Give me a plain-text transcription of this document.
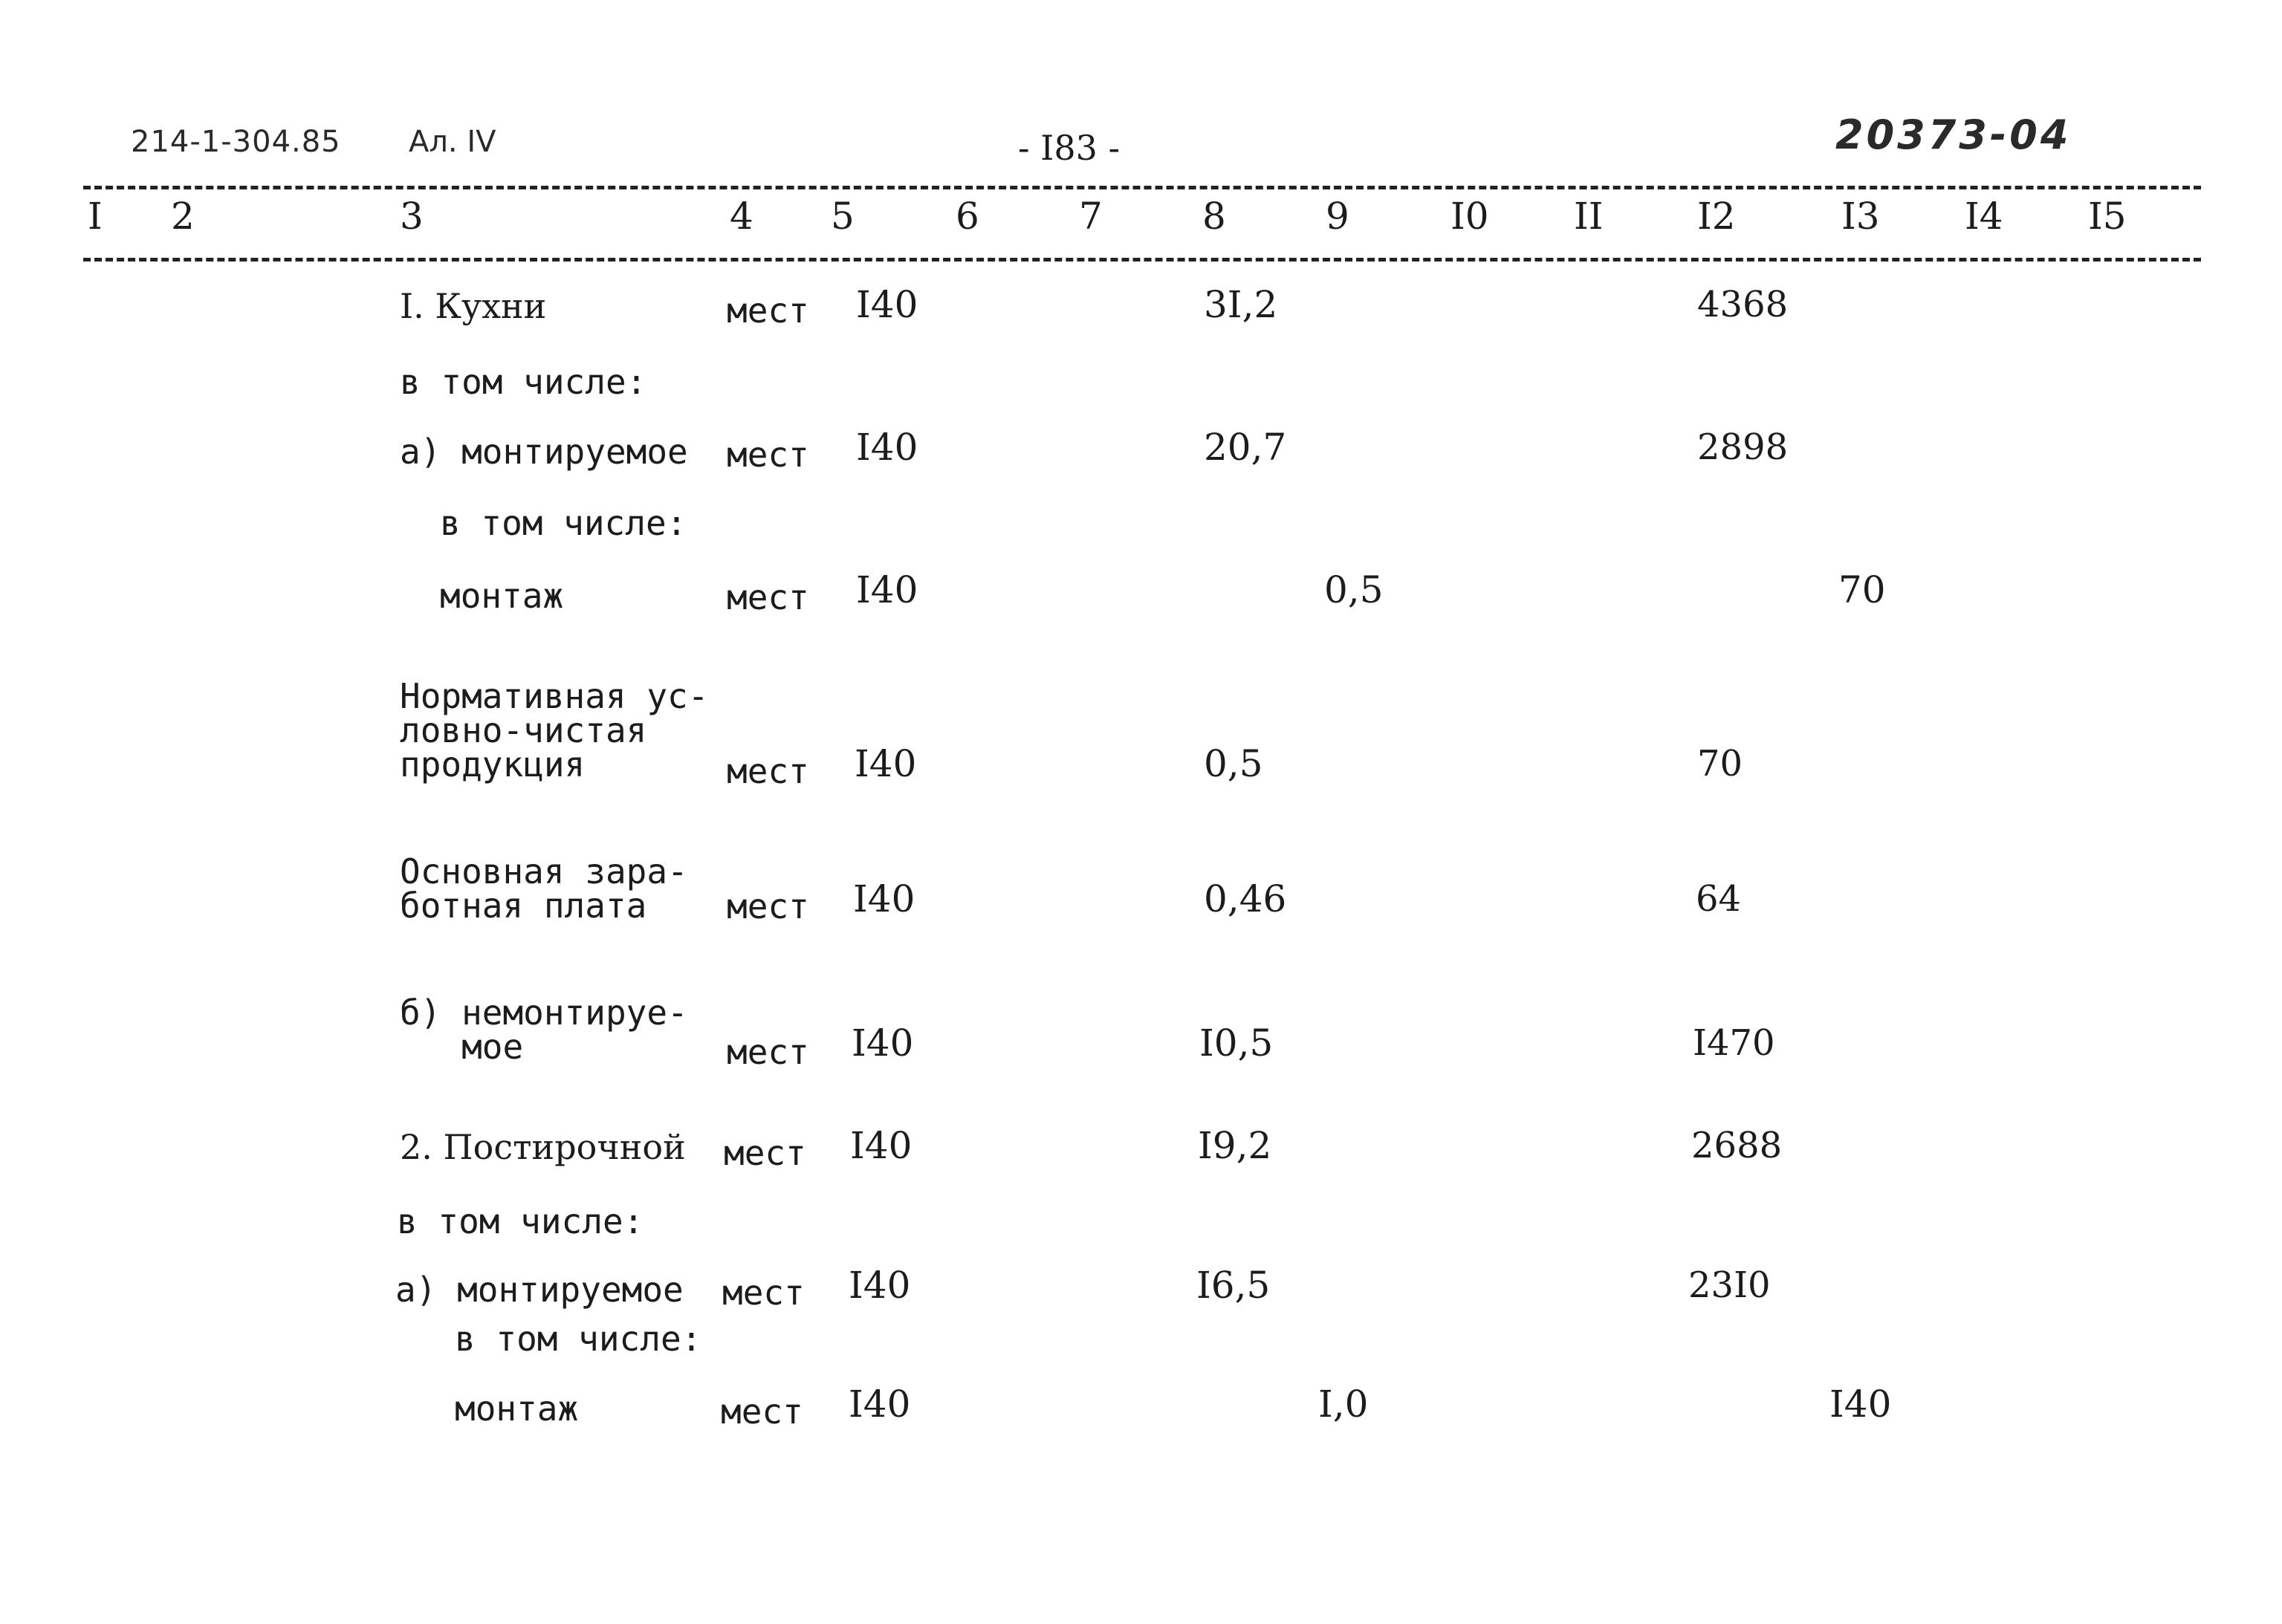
214-1-304.85 Ал. IV	- I83 -	20373-04
I 2	3	4 5	6	7	8	9	I0 II	I2	I3 I4 I5
I. Кухни	мест I40	3I,2	4368
в том числе:
а) монтируемое мест I40	20,7	2898
в том числе:
монтаж	мест I40	0,5	70
Нормативная ус-
ловно-чистая
продукция	мест I40	0,5	70
Основная зара-
ботная плата	мест I40	0,46	64
б) немонтируе-
мое	мест I40	I0,5	I470
2. Постирочной мест I40	I9,2	2688
в том числе:
а) монтируемое мест I40	I6,5	23I0
в том числе:
монтаж	мест I40	I,0	I40
